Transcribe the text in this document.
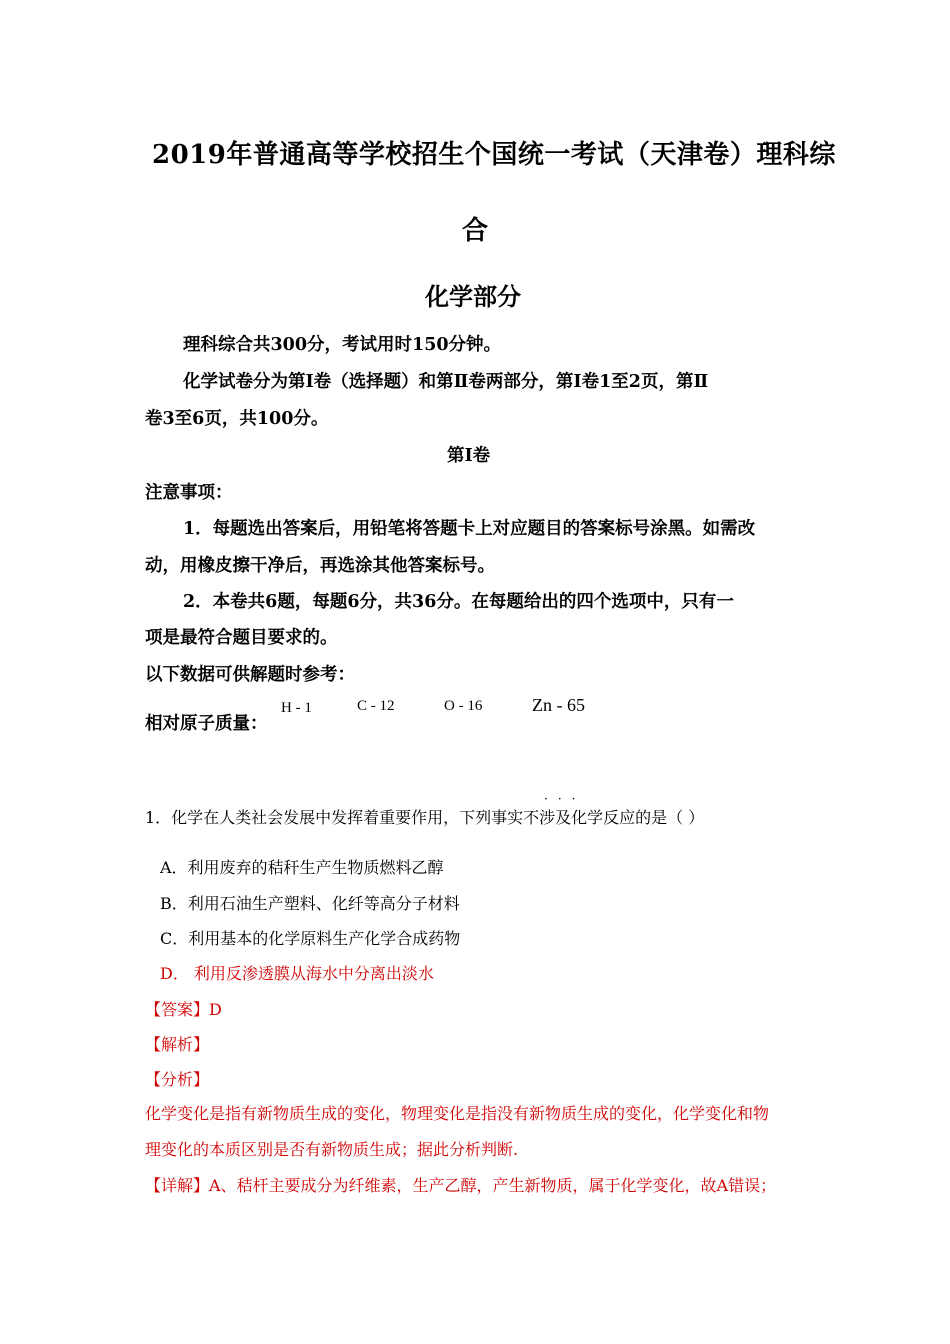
2019年普通高等学校招生个国统一考试（天津卷）理科综
合
化学部分
理科综合共300分，考试用时150分钟。
化学试卷分为第Ⅰ卷（选择题）和第Ⅱ卷两部分，第Ⅰ卷1至2页，第Ⅱ
卷3至6页，共100分。
第Ⅰ卷
注意事项：
1．每题选出答案后，用铅笔将答题卡上对应题目的答案标号涂黑。如需改
动，用橡皮擦干净后，再选涂其他答案标号。
2．本卷共6题，每题6分，共36分。在每题给出的四个选项中，只有一
项是最符合题目要求的。
以下数据可供解题时参考：
相对原子质量：
H - 1	C - 12	O - 16	Zn - 65
···
1．化学在人类社会发展中发挥着重要作用，下列事实不涉及化学反应的是（ ）
A．利用废弃的秸秆生产生物质燃料乙醇
B．利用石油生产塑料、化纤等高分子材料
C．利用基本的化学原料生产化学合成药物
D． 利用反渗透膜从海水中分离出淡水
【答案】D
【解析】
【分析】
化学变化是指有新物质生成的变化，物理变化是指没有新物质生成的变化，化学变化和物
理变化的本质区别是否有新物质生成；据此分析判断.
【详解】A、秸杆主要成分为纤维素，生产乙醇，产生新物质，属于化学变化，故A错误；
